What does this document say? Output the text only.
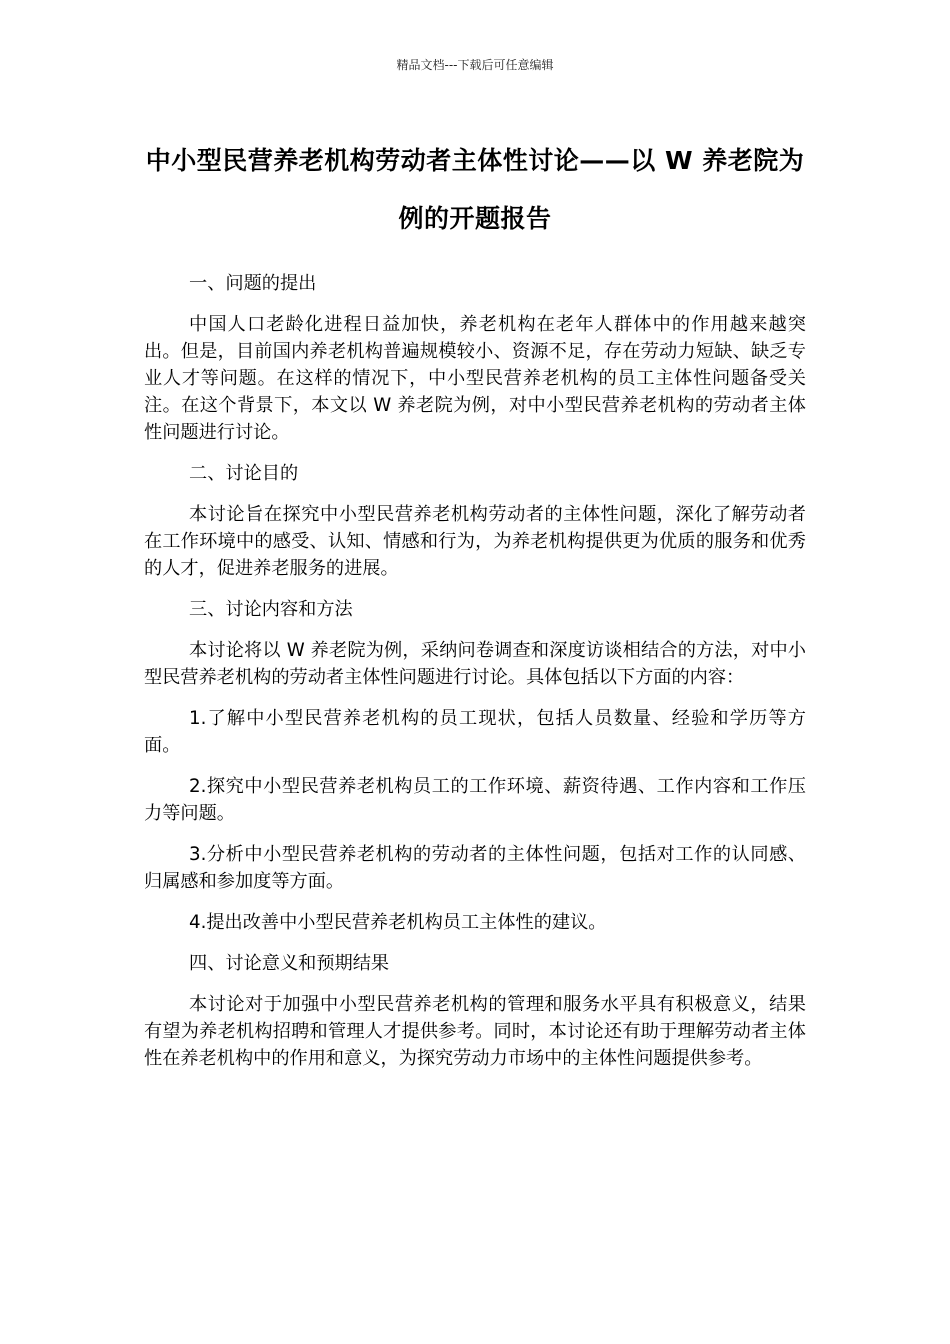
精品文档---下载后可任意编辑
中小型民营养老机构劳动者主体性讨论——以 W 养老院为例的开题报告

一、问题的提出

中国人口老龄化进程日益加快，养老机构在老年人群体中的作用越来越突出。但是，目前国内养老机构普遍规模较小、资源不足，存在劳动力短缺、缺乏专业人才等问题。在这样的情况下，中小型民营养老机构的员工主体性问题备受关注。在这个背景下，本文以 W 养老院为例，对中小型民营养老机构的劳动者主体性问题进行讨论。

二、讨论目的

本讨论旨在探究中小型民营养老机构劳动者的主体性问题，深化了解劳动者在工作环境中的感受、认知、情感和行为，为养老机构提供更为优质的服务和优秀的人才，促进养老服务的进展。

三、讨论内容和方法

本讨论将以 W 养老院为例，采纳问卷调查和深度访谈相结合的方法，对中小型民营养老机构的劳动者主体性问题进行讨论。具体包括以下方面的内容：

1.了解中小型民营养老机构的员工现状，包括人员数量、经验和学历等方面。

2.探究中小型民营养老机构员工的工作环境、薪资待遇、工作内容和工作压力等问题。

3.分析中小型民营养老机构的劳动者的主体性问题，包括对工作的认同感、归属感和参加度等方面。

4.提出改善中小型民营养老机构员工主体性的建议。

四、讨论意义和预期结果

本讨论对于加强中小型民营养老机构的管理和服务水平具有积极意义，结果有望为养老机构招聘和管理人才提供参考。同时，本讨论还有助于理解劳动者主体性在养老机构中的作用和意义，为探究劳动力市场中的主体性问题提供参考。
